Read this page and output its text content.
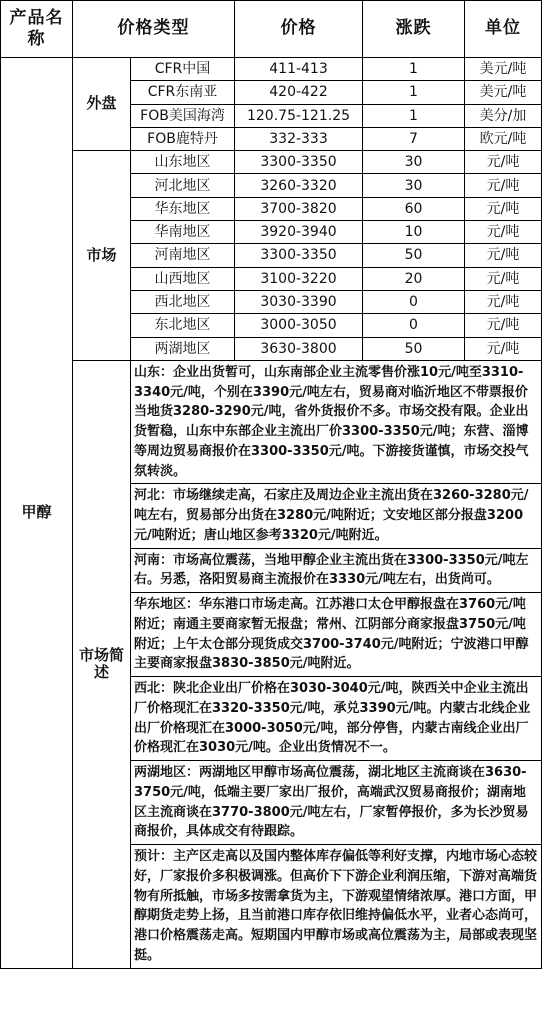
产品名称	价格类型		价格	涨跌	单位
甲醇	外盘	CFR中国	411-413	1	美元/吨
		CFR东南亚	420-422	1	美元/吨
		FOB美国海湾	120.75-121.25	1	美分/加
		FOB鹿特丹	332-333	7	欧元/吨
	市场	山东地区	3300-3350	30	元/吨
		河北地区	3260-3320	30	元/吨
		华东地区	3700-3820	60	元/吨
		华南地区	3920-3940	10	元/吨
		河南地区	3300-3350	50	元/吨
		山西地区	3100-3220	20	元/吨
		西北地区	3030-3390	0	元/吨
		东北地区	3000-3050	0	元/吨
		两湖地区	3630-3800	50	元/吨
	市场简述	山东：企业出货暂可，山东南部企业主流零售价涨10元/吨至3310-3340元/吨，个别在3390元/吨左右，贸易商对临沂地区不带票报价当地货3280-3290元/吨，省外货报价不多。市场交投有限。企业出货暂稳，山东中东部企业主流出厂价3300-3350元/吨；东营、淄博等周边贸易商报价在3300-3350元/吨。下游接货谨慎，市场交投气氛转淡。			
		河北：市场继续走高，石家庄及周边企业主流出货在3260-3280元/吨左右，贸易部分出货在3280元/吨附近；文安地区部分报盘3200元/吨附近；唐山地区参考3320元/吨附近。			
		河南：市场高位震荡，当地甲醇企业主流出货在3300-3350元/吨左右。另悉，洛阳贸易商主流报价在3330元/吨左右，出货尚可。			
		华东地区：华东港口市场走高。江苏港口太仓甲醇报盘在3760元/吨附近；南通主要商家暂无报盘；常州、江阴部分商家报盘3750元/吨附近；上午太仓部分现货成交3700-3740元/吨附近；宁波港口甲醇主要商家报盘3830-3850元/吨附近。			
		西北：陕北企业出厂价格在3030-3040元/吨，陕西关中企业主流出厂价格现汇在3320-3350元/吨，承兑3390元/吨。内蒙古北线企业出厂价格现汇在3000-3050元/吨，部分停售，内蒙古南线企业出厂价格现汇在3030元/吨。企业出货情况不一。			
		两湖地区：两湖地区甲醇市场高位震荡，湖北地区主流商谈在3630-3750元/吨，低端主要厂家出厂报价，高端武汉贸易商报价；湖南地区主流商谈在3770-3800元/吨左右，厂家暂停报价，多为长沙贸易商报价，具体成交有待跟踪。			
		预计：主产区走高以及国内整体库存偏低等利好支撑，内地市场心态较好，厂家报价多积极调涨。但高价下下游企业利润压缩，下游对高端货物有所抵触，市场多按需拿货为主，下游观望情绪浓厚。港口方面，甲醇期货走势上扬，且当前港口库存依旧维持偏低水平，业者心态尚可，港口价格震荡走高。短期国内甲醇市场或高位震荡为主，局部或表现坚挺。			
